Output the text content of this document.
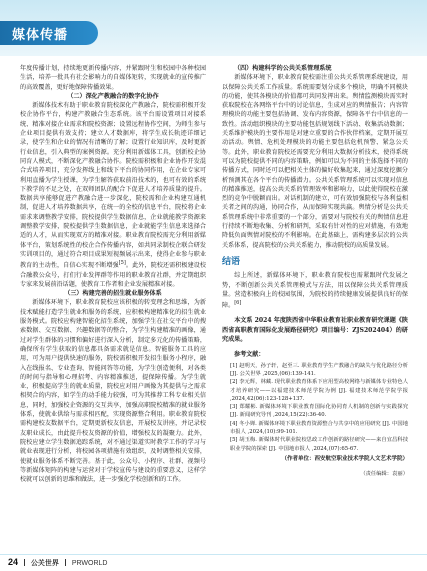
媒体传播

年度传播计划，持续地更新传播内容，并紧跟时生和校园中各种校园生活，培养一批具有社会影响力的自媒体矩转，实现就业的宣传推广的高效覆盖，更好地保障传播效果。

（二）深化产教融合的数字化协作

新媒体技术有助于职业教育院校深化产教融合，院校需积极开发校企协作平台，构建产教融合生态系统。该平台需设置项目对接系统、精准对接企业需求和院校资源；设置远程协作空间，为师生参与企业项目提供有效支持；建立人才数据库，将学生成长轨迹详细记录，使学生和企业的情况有清晰的了解；设置行业知识库，及时更新行业信息，引入典型的案例资源。充分利用新媒体工具，创新校企协同育人模式，不断深化产教融合协作。院校需积极和企业协作开发混合式培养项目，充分发挥线上和线下平台的协同作用，在企业专家可利用直播为学生授课，为学生解答获取前沿技术的，也可有效的系统下教学的不足之处，在双师团队的配合下促进人才培养质量的提升。数据共享能够促进产教融合进一步深化，院校需和企业构建互通机制，促进人才培养数据共享，在统一的全校的信息平台，院校将企业需求来调整教学安排，院校提供学生数据信息，企业就能教学资源来调整教学安排，院校提供学生数据信息，企业就能学生信息来选择合适的人才，从而实现双方的精准对接。职业教育院校需充分利用新媒体平台，策划系统性的校企合作传播内容，如共同录制校企联合研发实训项目的，通过符合项目成果短视频展示出来，使得企业参与职业教育的主动性，自信心实现不断增强[5]。此外，院校还需积极建设校合融教公众号，打们行业发挥群等作用的职业教育社群，并定期组织专家来发展前沿话题，使教育工作者和企业发展精准对接。

（三）构建完善的招生就业服务体系

新媒体环境下，职业教育院校应该积极的转变理念和思维，为新技术赋能打造学生就业和服务的系统，应积极构建精准化的招生就业服务模式。院校应构建智能化招生系统，加强学生在社交平台中的搜索数据、交互数据、兴趣数据等的整合，为学生构建精准的画像，通过对学生群体的习惯和偏好进行深入分析，制定多元化的传播策略，确保所有学生获取的信息都具备需求就是信息。智能服务工具的应用，可为用户提供快速的服务，院校需积极开发招生服务小程序，融入在线报名、专业查询、智能问答等功能，为学生创造便利，对各类的时间与指导和心理招考、内容精准推送，提保障传播。为学生就业，积极提高学生的就业质量，院校应对用户画像为其提供与之需求相契合的内容，如学生的动手能力较强，可为其推荐工科专业相关信息，同时，加强校企资源的交互共享，加强高职院校精准的就业服务体系，使就业供给与需求相匹配，实现资源整合利用。职业教育院校需构建校友数据平台，定期更新校友信息，开展校友讲座，并记录校友职业成长，由此提升校友资源的价值，增强校友的凝聚力。此外，院校应建立学生数据追踪系统，对不通过渠道实时教学工作的学习与就业表现进行分析，将校园各项措施有效组织，及时调整相关安排，使就业服务体系不断完善。基于此，公众号、小程序、社群、视频号等新媒体矩阵的构建与运营对于学校宣传与建设的重要意义，这样学校就可以创新的思维和做法，进一步强化学校创新和的工作。

（四）构建科学的公共关系管理系统

新媒体环境下，职业教育院校需注重公共关系管理系统建设，用以保障公共关系工作质量。系统需要划分成多个模块，明确不同模块的功能，使其各模块的价值都可共同发挥出来。舆情监测模块需实时获取院校在各网络平台中的讨论信息，生成对应的舆情报告；内容管理模块的功能主要包括协调、发布内容资源，保障各平台中信息的一致性。活动组织模块的主要功能包括规划线下活动、收集活动数据；关系维护模块的主要作用是对建立重要的合作伙伴档案，定期开展互动活动。舆情、危机处理模块的功能主要包括危机预警、紧急公关等。此外，职业教育院校还需要充分利用大数据分析技术，使得系统可以为院校提供不同的内容策略，例如可以为不同的主体选择不同的传播方式，同时还可以把相关主体的偏好收集起来，通过深度挖掘分析预测其在各个平台的传播潜力。公共关系管理系统可以实现对信息的精准推送，提高公共关系的管理效率和影响力，以此使得院校在激烈的竞争中脱颖而出。对话机制的建立，可有效加强院校与各利益相关者之间的沟通，协同合作，从而保障实现共赢。舆情分析是公共关系管理系统中非常重要的一个部分，需要对与院校有关的舆情信息进行持续不断地收集、分析和研判，采取有针对性的应对措施，有效地降低负面舆情对院校的不利影响。在此基础上，需构建多层次的公共关系体系，提高院校的公共关系能力，推动院校的高质量发展。

结语

综上所述，新媒体环境下，职业教育院校也需紧跟时代发展之势，不断创新公共关系管理模式与方法，用以保障公共关系管理质量。营造积极向上的校园氛围，为院校的持续健康发展提供良好的保障。[6]

本文系 2024 年度陕西省中华职业教育社职业教育研究课题《陕西省高职教育国际化发展路径研究》项目编号：ZJS202404）的研究成果。

参考文献：

[1] 赵明天，孙子轩，赵至三. 职业教育学生产教融合的缺失与优化路径分析 [J]. 公关世界 ,2025,(06):139-141.

[2] 李元辉，林藏. 现代职业教育体系下应用型高校网络与新媒体专业特色人才培养研究——以福建技术师范学院为例 [J]. 福建技术师范学院学报 ,2024,42(06):123-128+137.

[3] 郑耀彬. 新媒体环境下职业教育国际化协同育人机制的创新与实践探究 [J]. 新闻研究导刊 ,2024,15(22):36-40.

[4] 冬小婵. 新媒体环境下职业教育资源整合与共享中的应用研究 [J]. 中国地市报人 ,2024,(10):99-101.

[5] 胡玉梅. 新媒体时代职业院校思政工作创新的路径研究——来自宜昌科技职业学院的探索 [J]. 中国地市报人 ,2024,(07):65-67.

（作者单位：西安航空职业技术学院人文艺术学院）

（责任编辑：袁丽）

24 公关世界 PRWORLD
